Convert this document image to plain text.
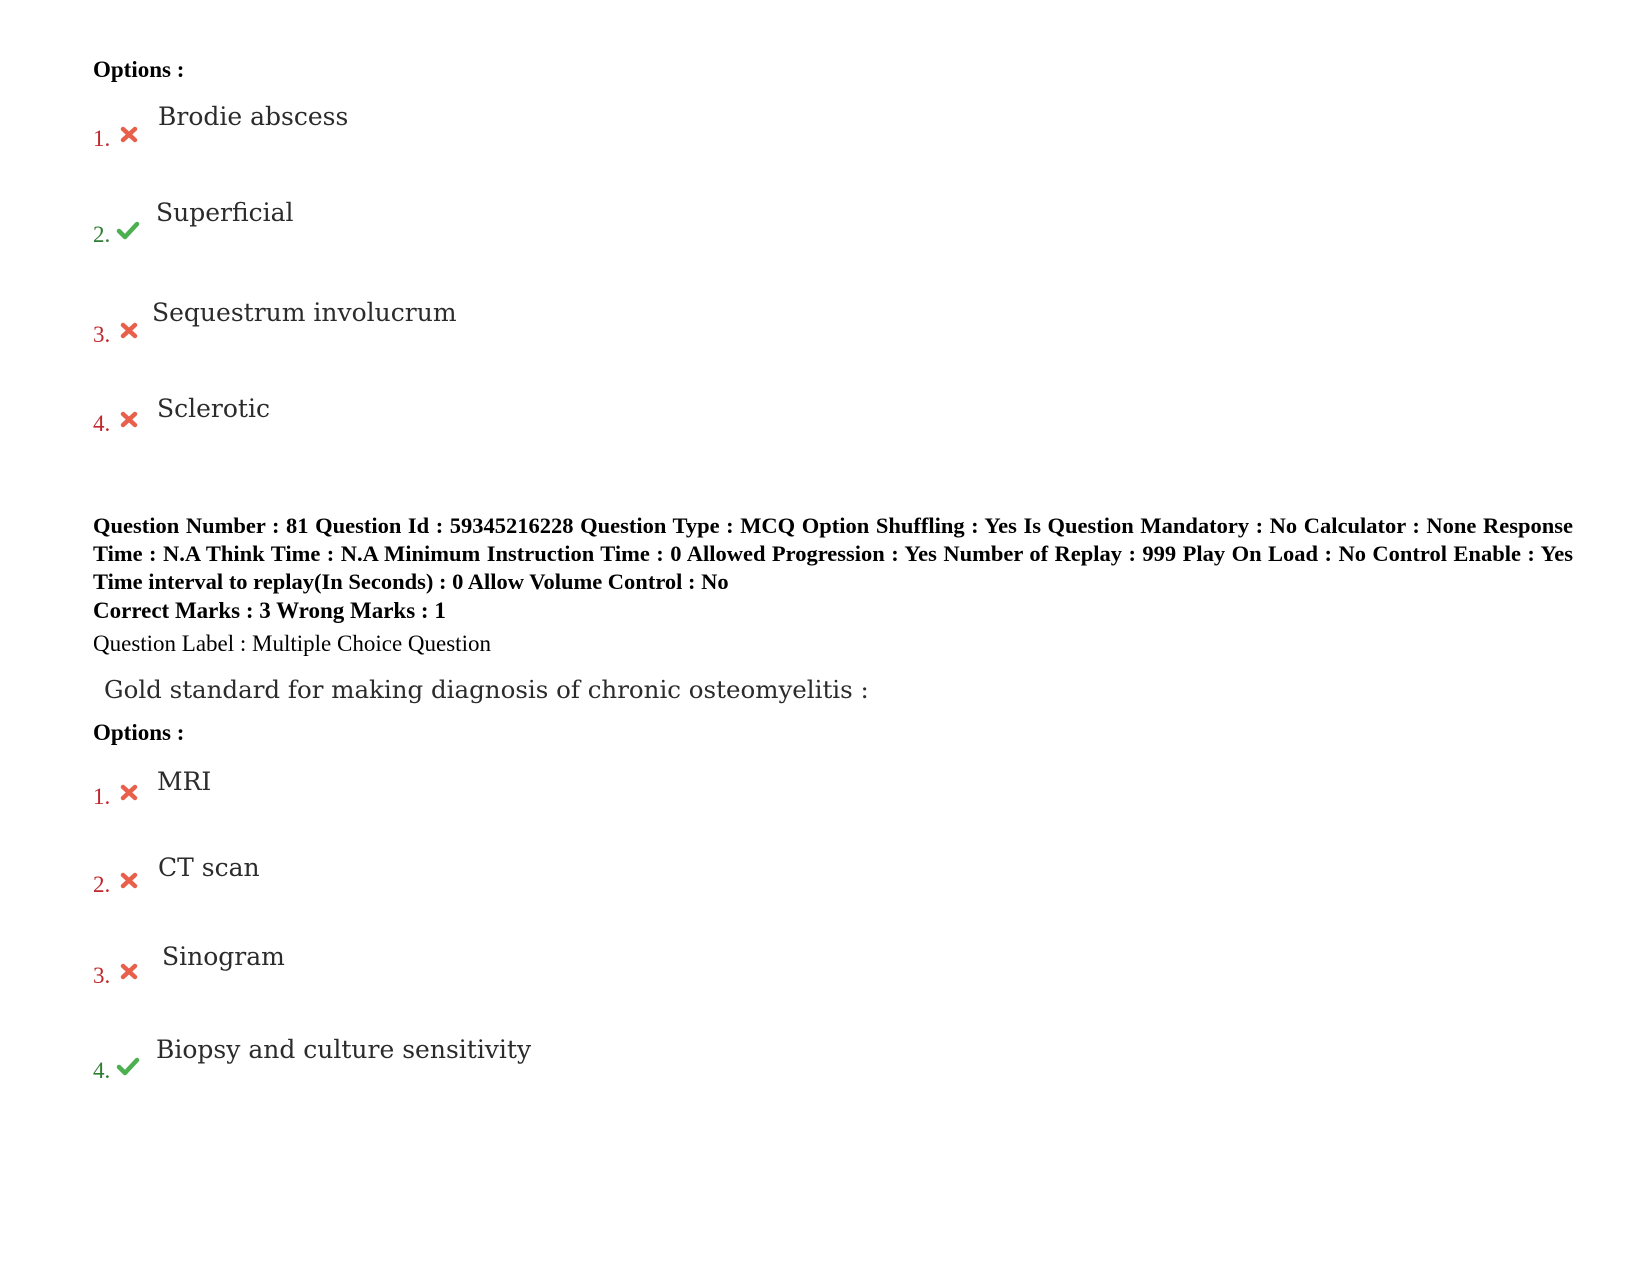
Options :
1.
Brodie abscess
2.
Superficial
3.
Sequestrum involucrum
4.
Sclerotic
Question Number : 81 Question Id : 59345216228 Question Type : MCQ Option Shuffling : Yes Is Question Mandatory : No Calculator : None Response Time : N.A Think Time : N.A Minimum Instruction Time : 0 Allowed Progression : Yes Number of Replay : 999 Play On Load : No Control Enable : Yes Time interval to replay(In Seconds) : 0 Allow Volume Control : No
Correct Marks : 3 Wrong Marks : 1
Question Label : Multiple Choice Question
Gold standard for making diagnosis of chronic osteomyelitis :
Options :
1.
MRI
2.
CT scan
3.
Sinogram
4.
Biopsy and culture sensitivity
